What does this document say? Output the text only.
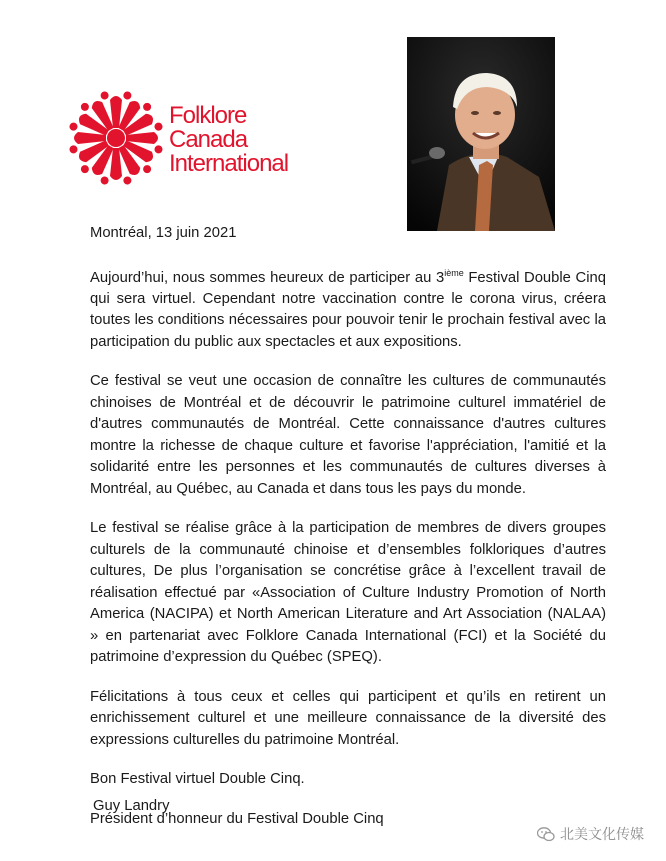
Folklore
Canada
International

Montréal, 13 juin 2021

Aujourd’hui, nous sommes heureux de participer au 3ième Festival Double Cinq qui sera virtuel. Cependant notre vaccination contre le corona virus, créera toutes les conditions nécessaires pour pouvoir tenir le prochain festival avec la participation du public aux spectacles et aux expositions.

Ce festival se veut une occasion de connaître les cultures de communautés chinoises de Montréal et de découvrir le patrimoine culturel immatériel de d'autres communautés de Montréal. Cette connaissance d'autres cultures montre la richesse de chaque culture et favorise l'appréciation, l'amitié et la solidarité entre les personnes et les communautés de cultures diverses à Montréal, au Québec, au Canada et dans tous les pays du monde.

Le festival se réalise grâce à la participation de membres de divers groupes culturels de la communauté chinoise et d’ensembles folkloriques d’autres cultures, De plus l’organisation se concrétise grâce à l’excellent travail de réalisation effectué par «Association of Culture Industry Promotion of North America (NACIPA) et North American Literature and Art Association (NALAA) » en partenariat avec Folklore Canada International (FCI) et la Société du patrimoine d’expression du Québec (SPEQ).

Félicitations à tous ceux et celles qui participent et qu’ils en retirent un enrichissement culturel et une meilleure connaissance de la diversité des expressions culturelles du patrimoine Montréal.

Bon Festival virtuel Double Cinq.

Président d’honneur du Festival Double Cinq

Guy Landry
北美文化传媒
